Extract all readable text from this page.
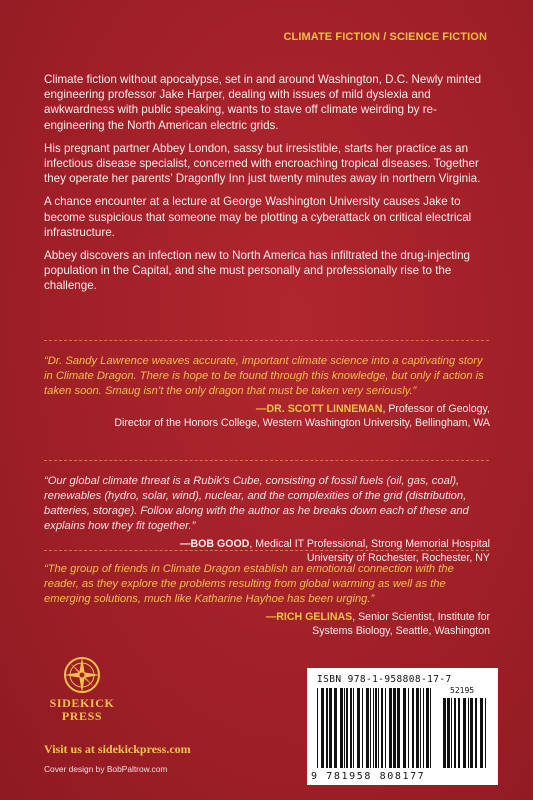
CLIMATE FICTION / SCIENCE FICTION

Climate fiction without apocalypse, set in and around Washington, D.C. Newly minted engineering professor Jake Harper, dealing with issues of mild dyslexia and awkwardness with public speaking, wants to stave off climate weirding by re-engineering the North American electric grids.

His pregnant partner Abbey London, sassy but irresistible, starts her practice as an infectious disease specialist, concerned with encroaching tropical diseases. Together they operate her parents' Dragonfly Inn just twenty minutes away in northern Virginia.

A chance encounter at a lecture at George Washington University causes Jake to become suspicious that someone may be plotting a cyberattack on critical electrical infrastructure.

Abbey discovers an infection new to North America has infiltrated the drug-injecting population in the Capital, and she must personally and professionally rise to the challenge.

“Dr. Sandy Lawrence weaves accurate, important climate science into a captivating story in Climate Dragon. There is hope to be found through this knowledge, but only if action is taken soon. Smaug isn’t the only dragon that must be taken very seriously.”

—DR. SCOTT LINNEMAN, Professor of Geology,
Director of the Honors College, Western Washington University, Bellingham, WA

“Our global climate threat is a Rubik’s Cube, consisting of fossil fuels (oil, gas, coal), renewables (hydro, solar, wind), nuclear, and the complexities of the grid (distribution, batteries, storage). Follow along with the author as he breaks down each of these and explains how they fit together.”

—BOB GOOD, Medical IT Professional, Strong Memorial Hospital
University of Rochester, Rochester, NY

“The group of friends in Climate Dragon establish an emotional connection with the reader, as they explore the problems resulting from global warming as well as the emerging solutions, much like Katharine Hayhoe has been urging.”

—RICH GELINAS, Senior Scientist, Institute for
Systems Biology, Seattle, Washington

SIDEKICK
PRESS
Visit us at sidekickpress.com
Cover design by BobPaltrow.com
ISBN 978-1-958808-17-7
52195
9 781958 808177
